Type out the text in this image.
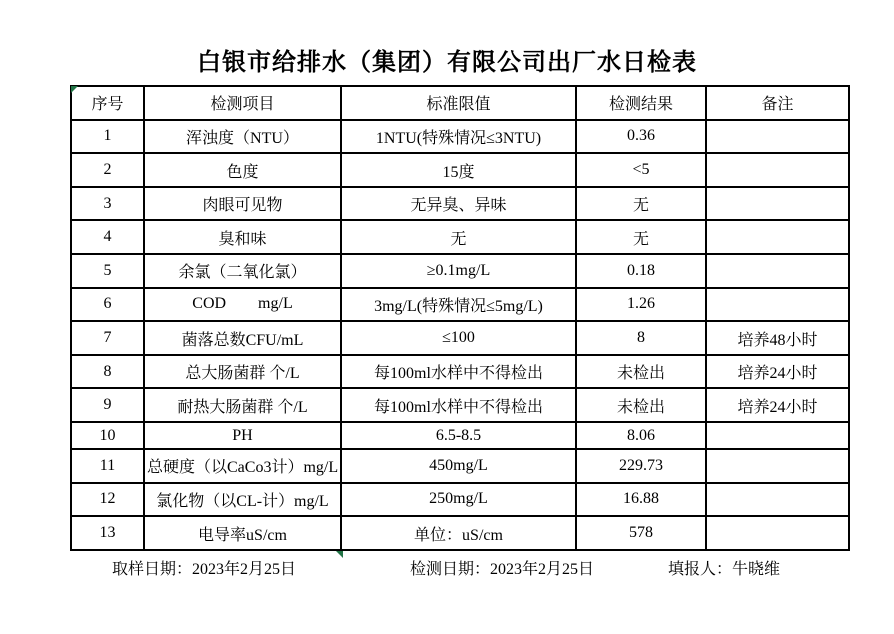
白银市给排水（集团）有限公司出厂水日检表
序号	检测项目	标准限值	检测结果	备注
1	浑浊度（NTU）	1NTU(特殊情况≤3NTU)	0.36	
2	色度	15度	<5	
3	肉眼可见物	无异臭、异味	无	
4	臭和味	无	无	
5	余氯（二氧化氯）	≥0.1mg/L	0.18	
6	COD        mg/L	3mg/L(特殊情况≤5mg/L)	1.26	
7	菌落总数CFU/mL	≤100	8	培养48小时
8	总大肠菌群 个/L	每100ml水样中不得检出	未检出	培养24小时
9	耐热大肠菌群 个/L	每100ml水样中不得检出	未检出	培养24小时
10	PH	6.5-8.5	8.06	
11	总硬度（以CaCo3计）mg/L	450mg/L	229.73	
12	氯化物（以CL-计）mg/L	250mg/L	16.88	
13	电导率uS/cm	单位：uS/cm	578	
取样日期：2023年2月25日	检测日期：2023年2月25日	填报人：牛晓维
